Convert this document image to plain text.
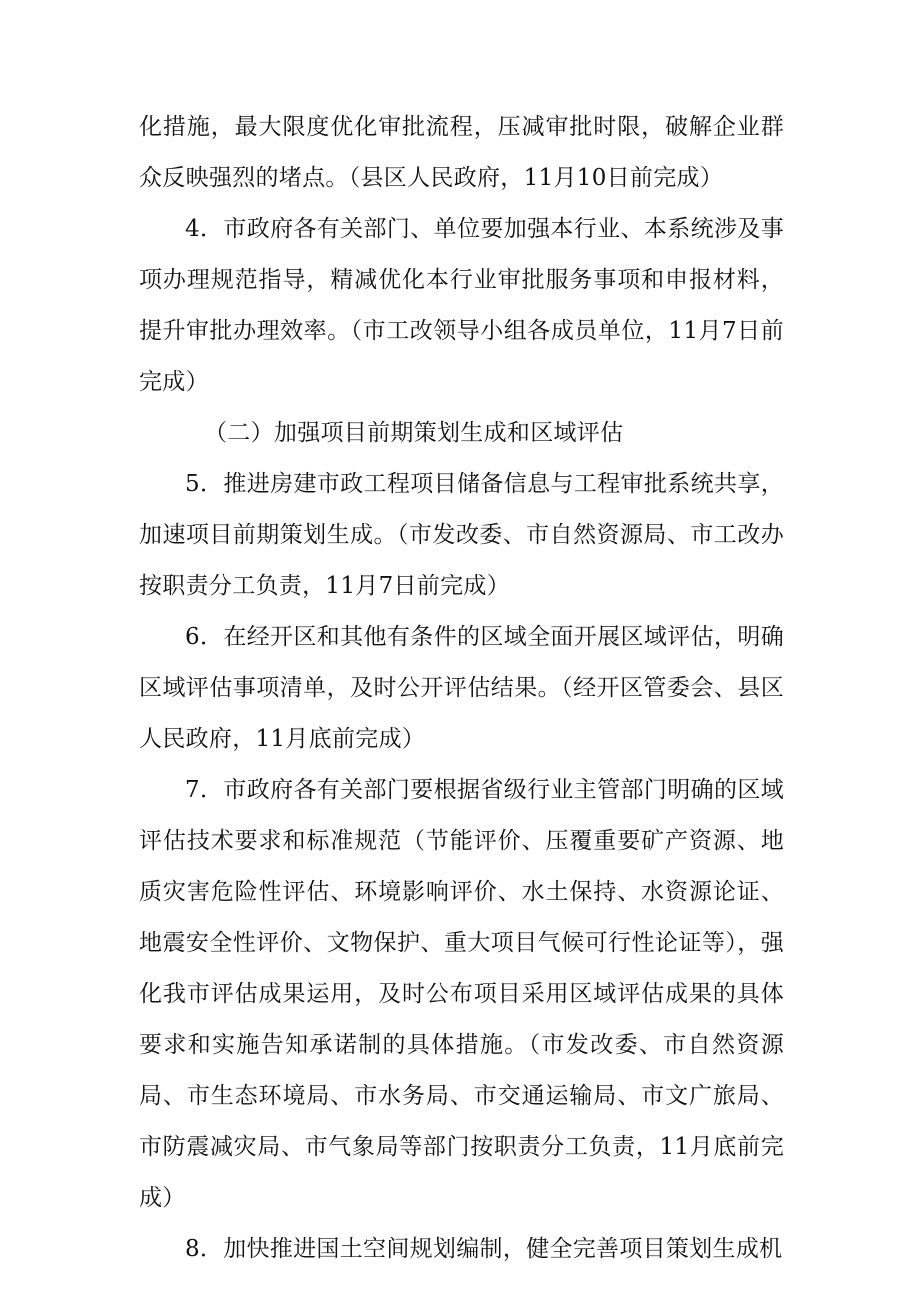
化措施，最大限度优化审批流程，压减审批时限，破解企业群众反映强烈的堵点。（县区人民政府，11月10日前完成）

4．市政府各有关部门、单位要加强本行业、本系统涉及事项办理规范指导，精减优化本行业审批服务事项和申报材料，提升审批办理效率。（市工改领导小组各成员单位，11月7日前完成）

（二）加强项目前期策划生成和区域评估

5．推进房建市政工程项目储备信息与工程审批系统共享，加速项目前期策划生成。（市发改委、市自然资源局、市工改办按职责分工负责，11月7日前完成）

6．在经开区和其他有条件的区域全面开展区域评估，明确区域评估事项清单，及时公开评估结果。（经开区管委会、县区人民政府，11月底前完成）

7．市政府各有关部门要根据省级行业主管部门明确的区域评估技术要求和标准规范（节能评价、压覆重要矿产资源、地质灾害危险性评估、环境影响评价、水土保持、水资源论证、地震安全性评价、文物保护、重大项目气候可行性论证等），强化我市评估成果运用，及时公布项目采用区域评估成果的具体要求和实施告知承诺制的具体措施。（市发改委、市自然资源局、市生态环境局、市水务局、市交通运输局、市文广旅局、市防震减灾局、市气象局等部门按职责分工负责，11月底前完成）

8．加快推进国土空间规划编制，健全完善项目策划生成机
